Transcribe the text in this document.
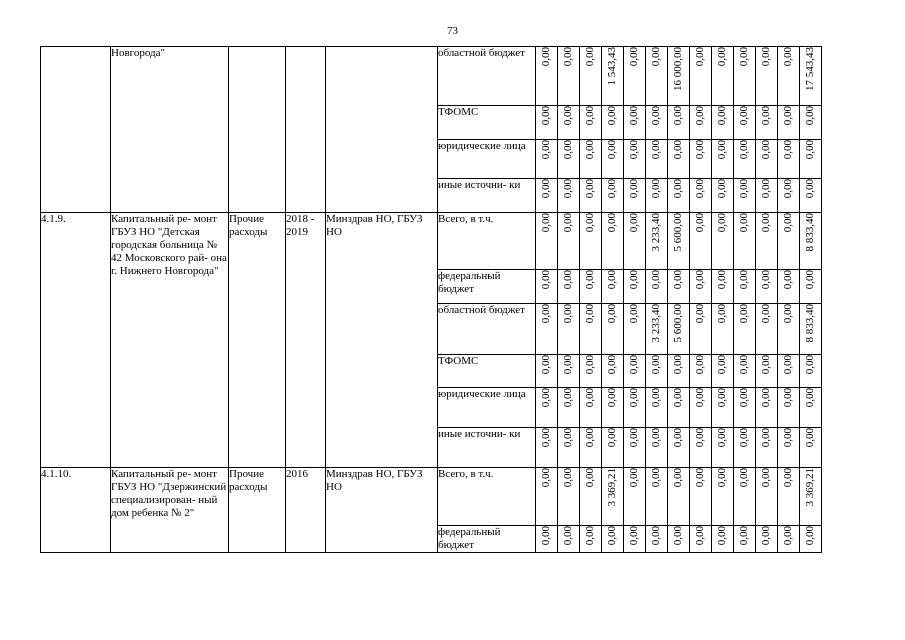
73
	Новгорода"				областной бюджет	0,00	0,00	0,00	1 543,43	0,00	0,00	16 000,00	0,00	0,00	0,00	0,00	0,00	17 543,43

					ТФОМС	0,00	0,00	0,00	0,00	0,00	0,00	0,00	0,00	0,00	0,00	0,00	0,00	0,00

					юридические лица	0,00	0,00	0,00	0,00	0,00	0,00	0,00	0,00	0,00	0,00	0,00	0,00	0,00

					иные источни- ки	0,00	0,00	0,00	0,00	0,00	0,00	0,00	0,00	0,00	0,00	0,00	0,00	0,00

4.1.9.	Капитальный ре- монт ГБУЗ НО "Детская городская больница № 42 Московского рай- она г. Нижнего Новгорода"	Прочие расходы	2018 - 2019	Минздрав НО, ГБУЗ НО	Всего, в т.ч.	0,00	0,00	0,00	0,00	0,00	3 233,40	5 600,00	0,00	0,00	0,00	0,00	0,00	8 833,40

					федеральный бюджет	0,00	0,00	0,00	0,00	0,00	0,00	0,00	0,00	0,00	0,00	0,00	0,00	0,00

					областной бюджет	0,00	0,00	0,00	0,00	0,00	3 233,40	5 600,00	0,00	0,00	0,00	0,00	0,00	8 833,40

					ТФОМС	0,00	0,00	0,00	0,00	0,00	0,00	0,00	0,00	0,00	0,00	0,00	0,00	0,00

					юридические лица	0,00	0,00	0,00	0,00	0,00	0,00	0,00	0,00	0,00	0,00	0,00	0,00	0,00

					иные источни- ки	0,00	0,00	0,00	0,00	0,00	0,00	0,00	0,00	0,00	0,00	0,00	0,00	0,00

4.1.10.	Капитальный ре- монт ГБУЗ НО "Дзержинский специализирован- ный дом ребенка № 2"	Прочие расходы	2016	Минздрав НО, ГБУЗ НО	Всего, в т.ч.	0,00	0,00	0,00	3 369,21	0,00	0,00	0,00	0,00	0,00	0,00	0,00	0,00	3 369,21

					федеральный бюджет	0,00	0,00	0,00	0,00	0,00	0,00	0,00	0,00	0,00	0,00	0,00	0,00	0,00
